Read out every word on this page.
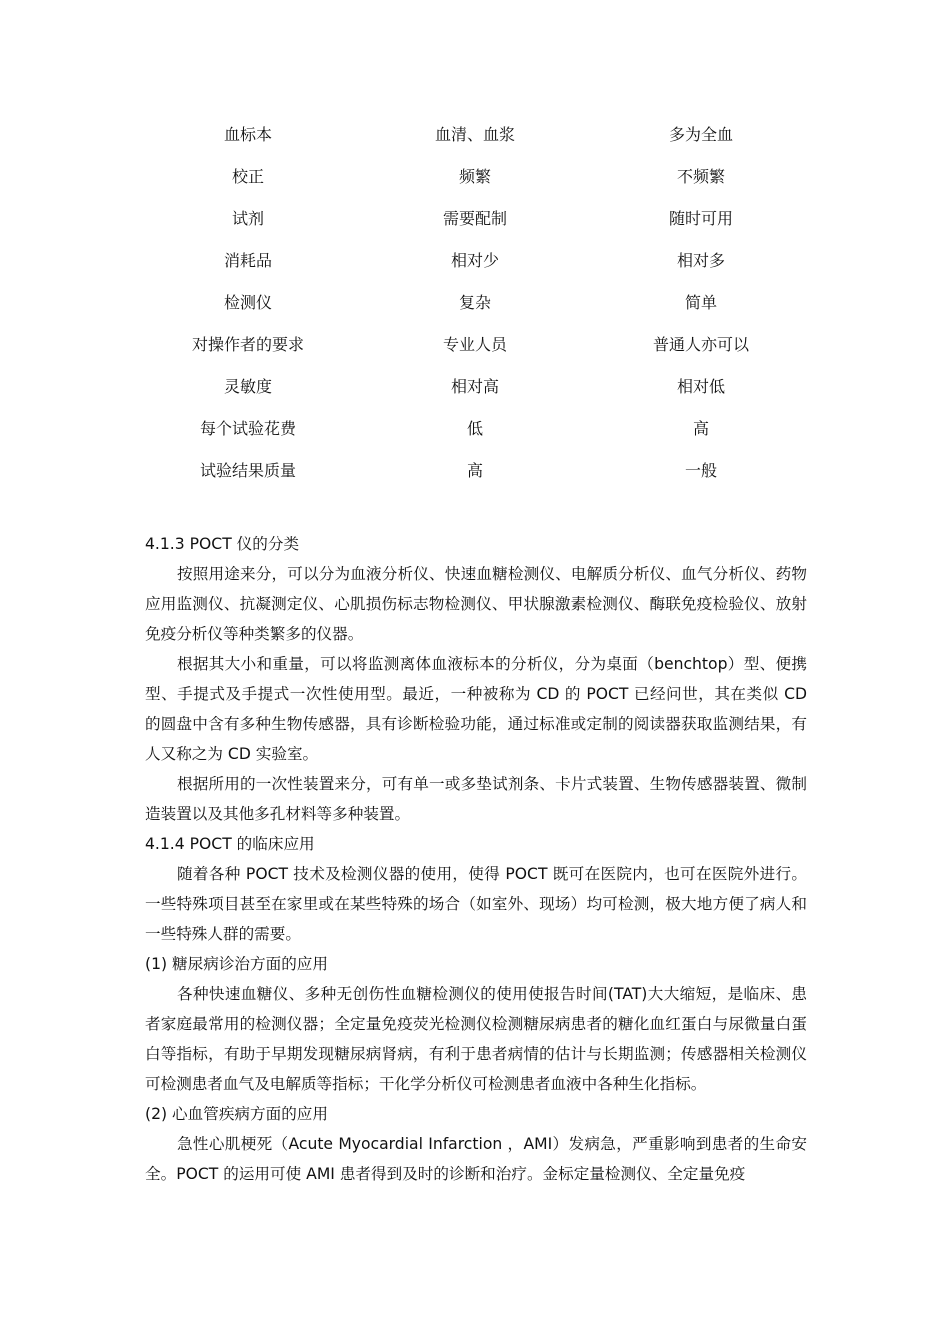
血标本	血清、血浆	多为全血
校正	频繁	不频繁
试剂	需要配制	随时可用
消耗品	相对少	相对多
检测仪	复杂	简单
对操作者的要求	专业人员	普通人亦可以
灵敏度	相对高	相对低
每个试验花费	低	高
试验结果质量	高	一般

4.1.3 POCT 仪的分类

按照用途来分，可以分为血液分析仪、快速血糖检测仪、电解质分析仪、血气分析仪、药物应用监测仪、抗凝测定仪、心肌损伤标志物检测仪、甲状腺激素检测仪、酶联免疫检验仪、放射免疫分析仪等种类繁多的仪器。

根据其大小和重量，可以将监测离体血液标本的分析仪，分为桌面（benchtop）型、便携型、手提式及手提式一次性使用型。最近，一种被称为 CD 的 POCT 已经问世，其在类似 CD 的圆盘中含有多种生物传感器，具有诊断检验功能，通过标准或定制的阅读器获取监测结果，有人又称之为 CD 实验室。

根据所用的一次性装置来分，可有单一或多垫试剂条、卡片式装置、生物传感器装置、微制造装置以及其他多孔材料等多种装置。

4.1.4 POCT 的临床应用

随着各种 POCT 技术及检测仪器的使用，使得 POCT 既可在医院内，也可在医院外进行。一些特殊项目甚至在家里或在某些特殊的场合（如室外、现场）均可检测，极大地方便了病人和一些特殊人群的需要。

(1) 糖尿病诊治方面的应用

各种快速血糖仪、多种无创伤性血糖检测仪的使用使报告时间(TAT)大大缩短，是临床、患者家庭最常用的检测仪器；全定量免疫荧光检测仪检测糖尿病患者的糖化血红蛋白与尿微量白蛋白等指标，有助于早期发现糖尿病肾病，有利于患者病情的估计与长期监测；传感器相关检测仪可检测患者血气及电解质等指标；干化学分析仪可检测患者血液中各种生化指标。

(2) 心血管疾病方面的应用

急性心肌梗死（Acute Myocardial Infarction ，AMI）发病急，严重影响到患者的生命安全。POCT 的运用可使 AMI 患者得到及时的诊断和治疗。金标定量检测仪、全定量免疫
